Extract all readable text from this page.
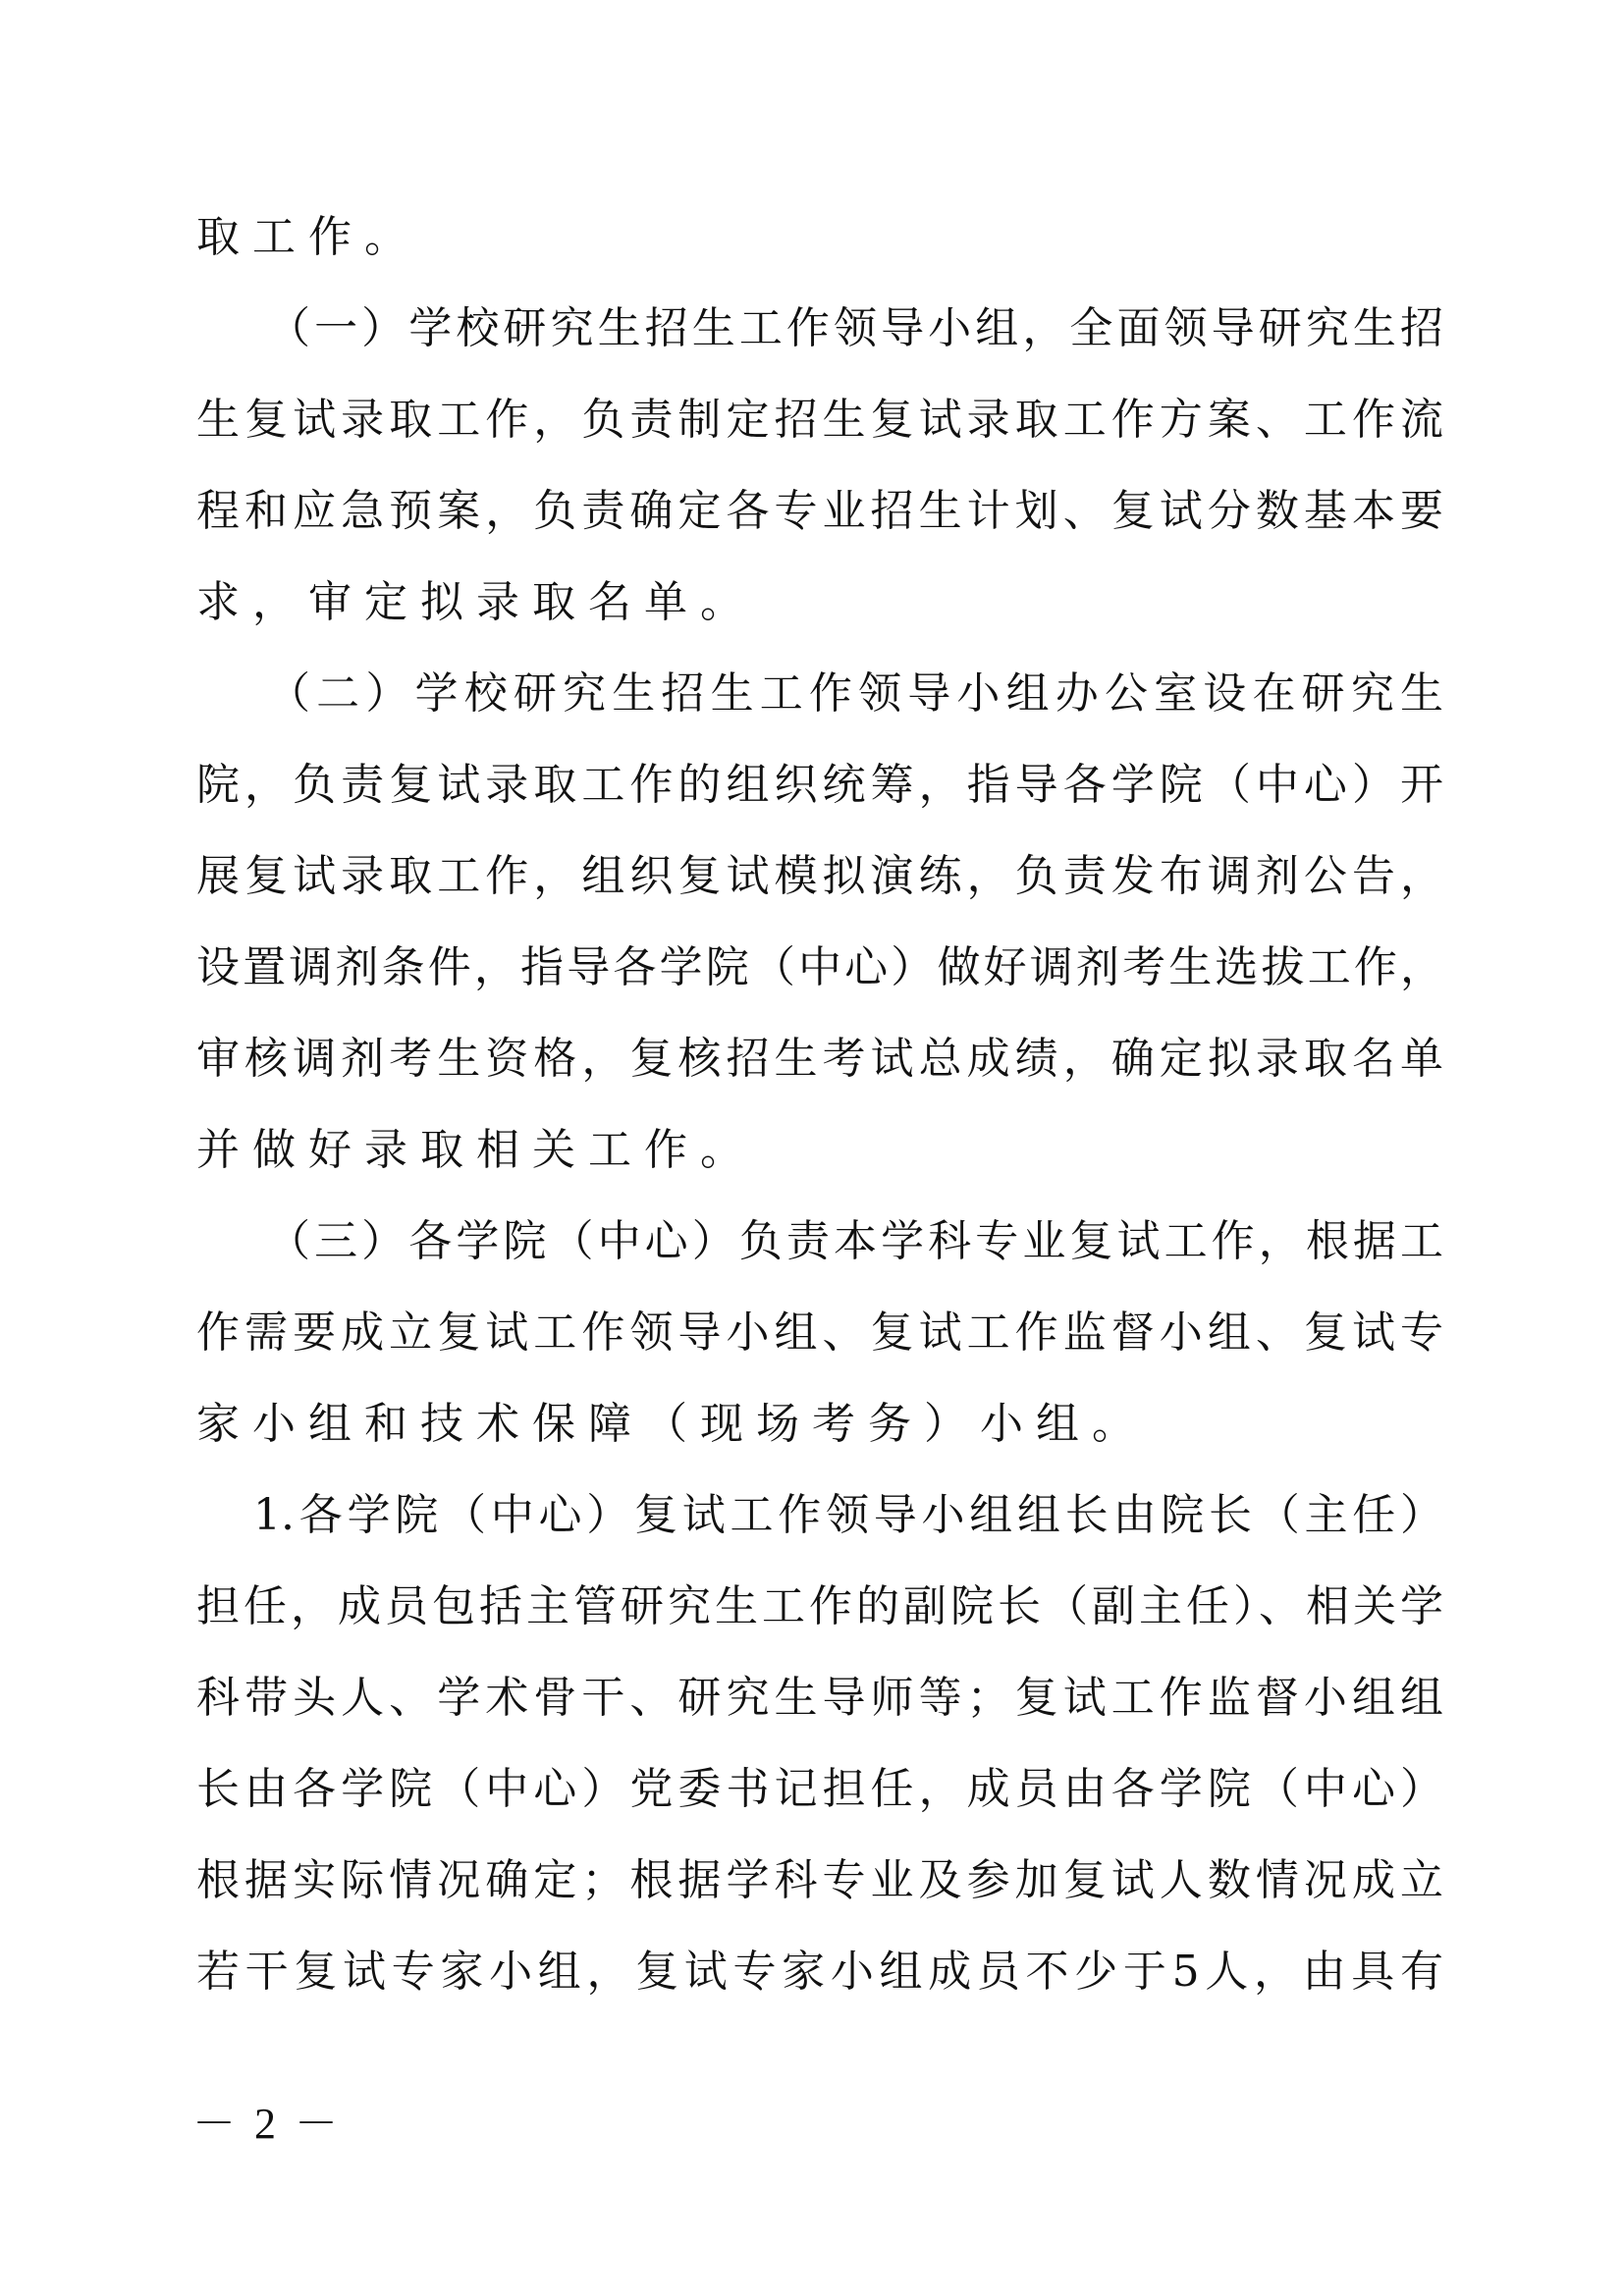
取工作。
（一）学校研究生招生工作领导小组，全面领导研究生招
生复试录取工作，负责制定招生复试录取工作方案、工作流
程和应急预案，负责确定各专业招生计划、复试分数基本要
求，审定拟录取名单。
（二）学校研究生招生工作领导小组办公室设在研究生
院，负责复试录取工作的组织统筹，指导各学院（中心）开
展复试录取工作，组织复试模拟演练，负责发布调剂公告，
设置调剂条件，指导各学院（中心）做好调剂考生选拔工作，
审核调剂考生资格，复核招生考试总成绩，确定拟录取名单
并做好录取相关工作。
（三）各学院（中心）负责本学科专业复试工作，根据工
作需要成立复试工作领导小组、复试工作监督小组、复试专
家小组和技术保障（现场考务）小组。
1.各学院（中心）复试工作领导小组组长由院长（主任）
担任，成员包括主管研究生工作的副院长（副主任）、相关学
科带头人、学术骨干、研究生导师等；复试工作监督小组组
长由各学院（中心）党委书记担任，成员由各学院（中心）
根据实际情况确定；根据学科专业及参加复试人数情况成立
若干复试专家小组，复试专家小组成员不少于5人，由具有
－ 2 －
